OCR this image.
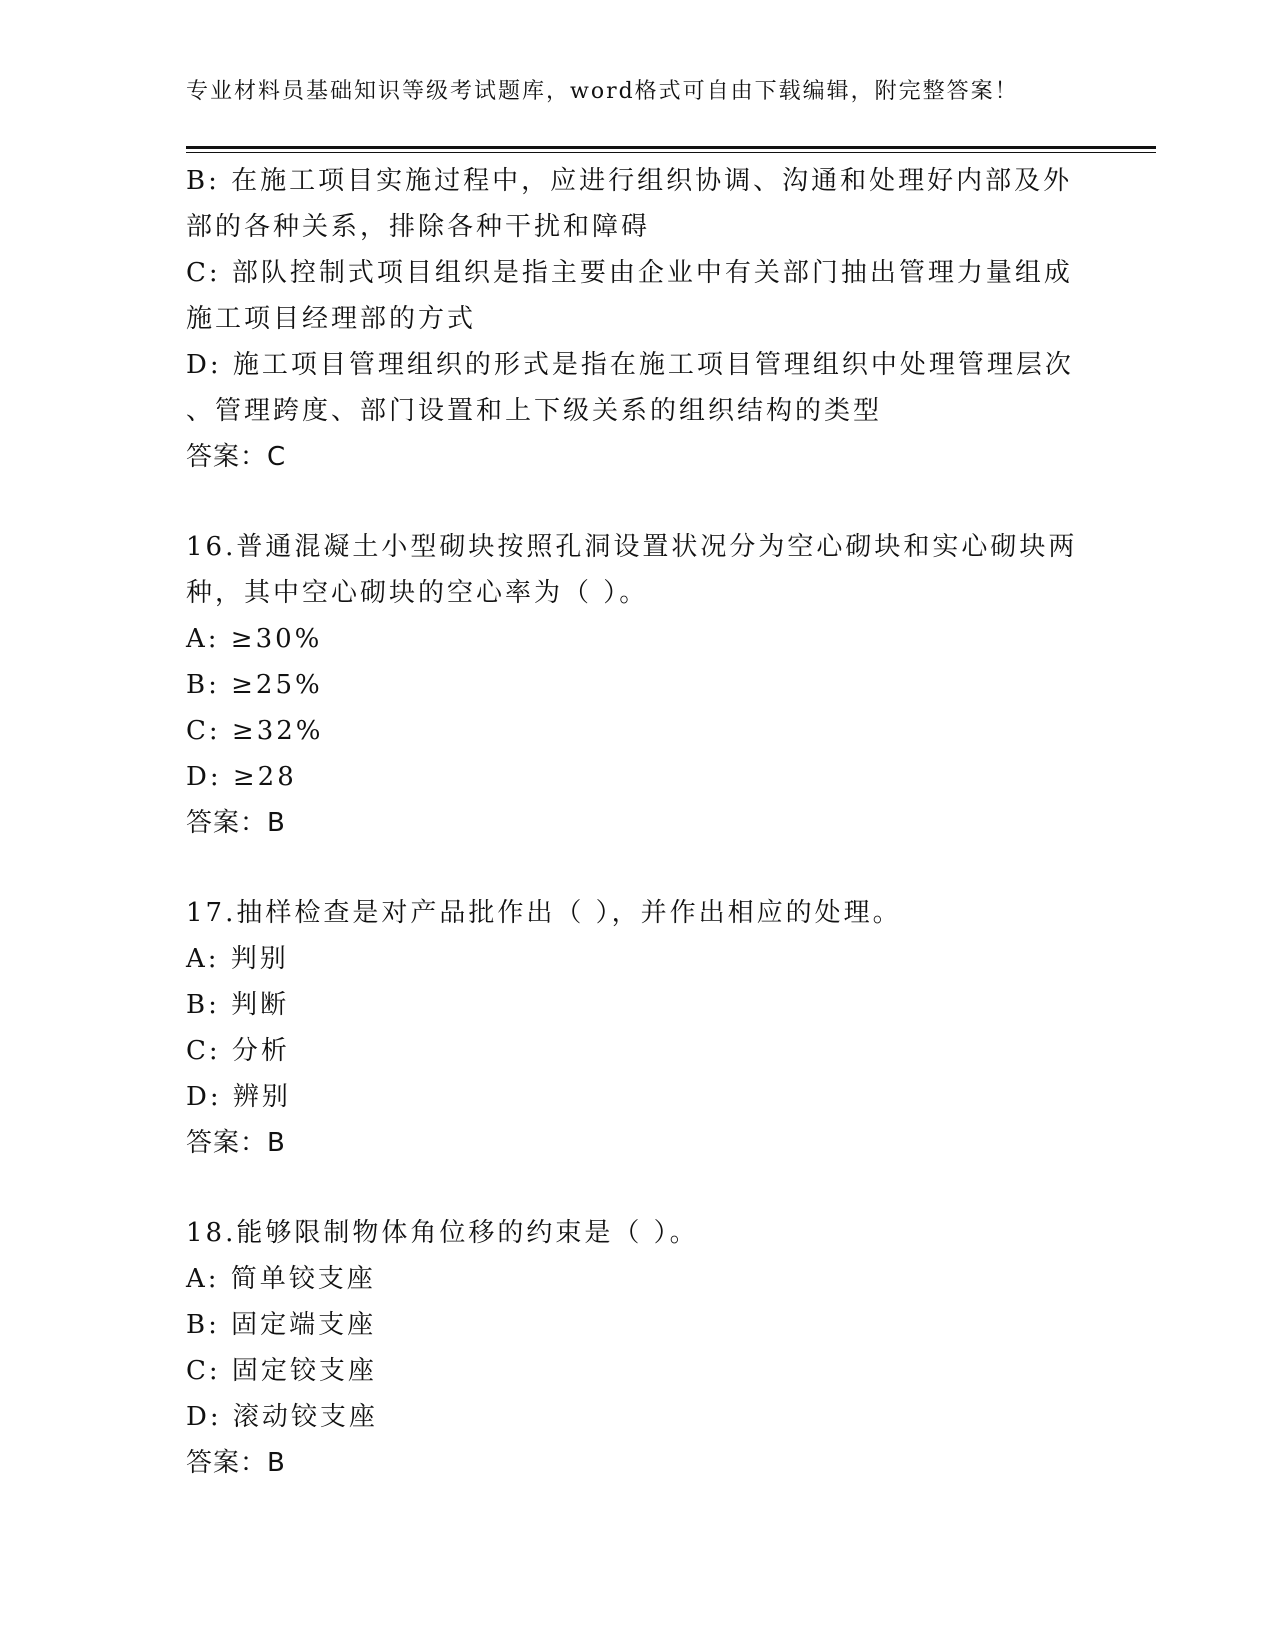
专业材料员基础知识等级考试题库，word格式可自由下载编辑，附完整答案！
B: 在施工项目实施过程中，应进行组织协调、沟通和处理好内部及外
部的各种关系，排除各种干扰和障碍
C: 部队控制式项目组织是指主要由企业中有关部门抽出管理力量组成
施工项目经理部的方式
D: 施工项目管理组织的形式是指在施工项目管理组织中处理管理层次
、管理跨度、部门设置和上下级关系的组织结构的类型
答案：C
16.普通混凝土小型砌块按照孔洞设置状况分为空心砌块和实心砌块两
种，其中空心砌块的空心率为（ ）。
A: ≥30%
B: ≥25%
C: ≥32%
D: ≥28
答案：B
17.抽样检查是对产品批作出（ ），并作出相应的处理。
A: 判别
B: 判断
C: 分析
D: 辨别
答案：B
18.能够限制物体角位移的约束是（ ）。
A: 简单铰支座
B: 固定端支座
C: 固定铰支座
D: 滚动铰支座
答案：B
